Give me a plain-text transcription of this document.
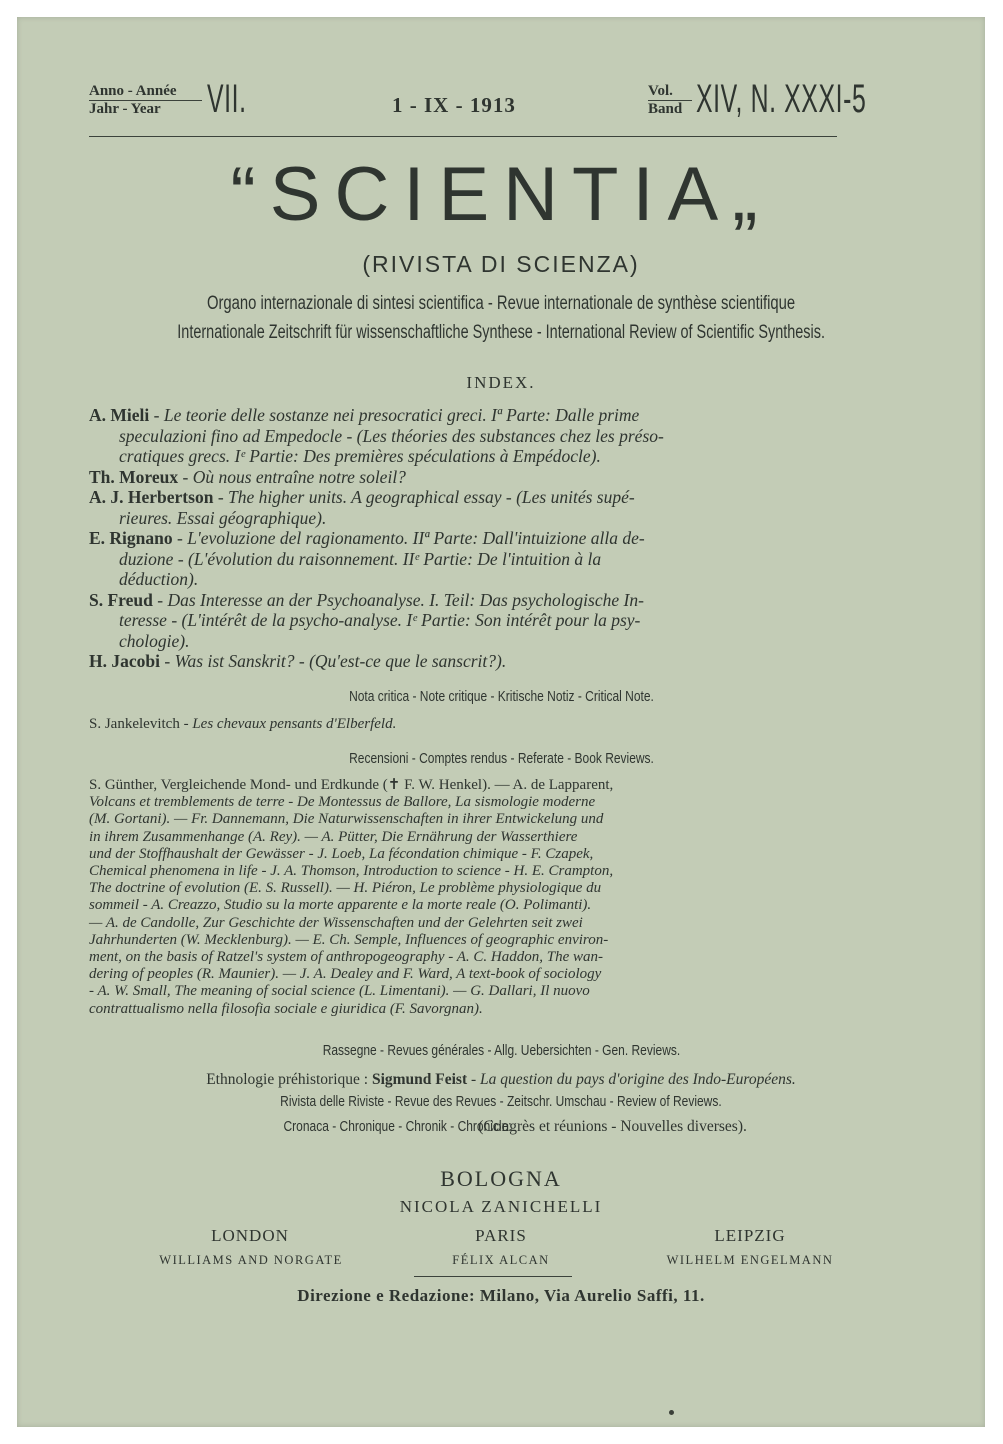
Anno - Année
Jahr - Year	VII.	1 - IX - 1913
Vol.
Band XIV, N. XXXI-5
“SCIENTIA„
(RIVISTA DI SCIENZA)
Organo internazionale di sintesi scientifica - Revue internationale de synthèse scientifique
Internationale Zeitschrift für wissenschaftliche Synthese - International Review of Scientific Synthesis.
INDEX.
A. Mieli - Le teorie delle sostanze nei presocratici greci. Iª Parte: Dalle prime
speculazioni fino ad Empedocle - (Les théories des substances chez les préso-
cratiques grecs. Iᵉ Partie: Des premières spéculations à Empédocle).
Th. Moreux - Où nous entraîne notre soleil?
A. J. Herbertson - The higher units. A geographical essay - (Les unités supé-
rieures. Essai géographique).
E. Rignano - L'evoluzione del ragionamento. IIª Parte: Dall'intuizione alla de-
duzione - (L'évolution du raisonnement. IIᵉ Partie: De l'intuition à la
déduction).
S. Freud - Das Interesse an der Psychoanalyse. I. Teil: Das psychologische In-
teresse - (L'intérêt de la psycho-analyse. Iᵉ Partie: Son intérêt pour la psy-
chologie).
H. Jacobi - Was ist Sanskrit? - (Qu'est-ce que le sanscrit?).
Nota critica - Note critique - Kritische Notiz - Critical Note.
S. Jankelevitch - Les chevaux pensants d'Elberfeld.
Recensioni - Comptes rendus - Referate - Book Reviews.
S. Günther, Vergleichende Mond- und Erdkunde (✝ F. W. Henkel). — A. de Lapparent,
Volcans et tremblements de terre - De Montessus de Ballore, La sismologie moderne
(M. Gortani). — Fr. Dannemann, Die Naturwissenschaften in ihrer Entwickelung und
in ihrem Zusammenhange (A. Rey). — A. Pütter, Die Ernährung der Wasserthiere
und der Stoffhaushalt der Gewässer - J. Loeb, La fécondation chimique - F. Czapek,
Chemical phenomena in life - J. A. Thomson, Introduction to science - H. E. Crampton,
The doctrine of evolution (E. S. Russell). — H. Piéron, Le problème physiologique du
sommeil - A. Creazzo, Studio su la morte apparente e la morte reale (O. Polimanti).
— A. de Candolle, Zur Geschichte der Wissenschaften und der Gelehrten seit zwei
Jahrhunderten (W. Mecklenburg). — E. Ch. Semple, Influences of geographic environ-
ment, on the basis of Ratzel's system of anthropogeography - A. C. Haddon, The wan-
dering of peoples (R. Maunier). — J. A. Dealey and F. Ward, A text-book of sociology
- A. W. Small, The meaning of social science (L. Limentani). — G. Dallari, Il nuovo
contrattualismo nella filosofia sociale e giuridica (F. Savorgnan).
Rassegne - Revues générales - Allg. Uebersichten - Gen. Reviews.
Ethnologie préhistorique : Sigmund Feist - La question du pays d'origine des Indo-Européens.
Rivista delle Riviste - Revue des Revues - Zeitschr. Umschau - Review of Reviews.
Cronaca - Chronique - Chronik - Chronicle:(Congrès et réunions - Nouvelles diverses).
BOLOGNA
NICOLA ZANICHELLI
LONDON
WILLIAMS AND NORGATE
PARIS
FÉLIX ALCAN
LEIPZIG
WILHELM ENGELMANN
Direzione e Redazione: Milano, Via Aurelio Saffi, 11.
